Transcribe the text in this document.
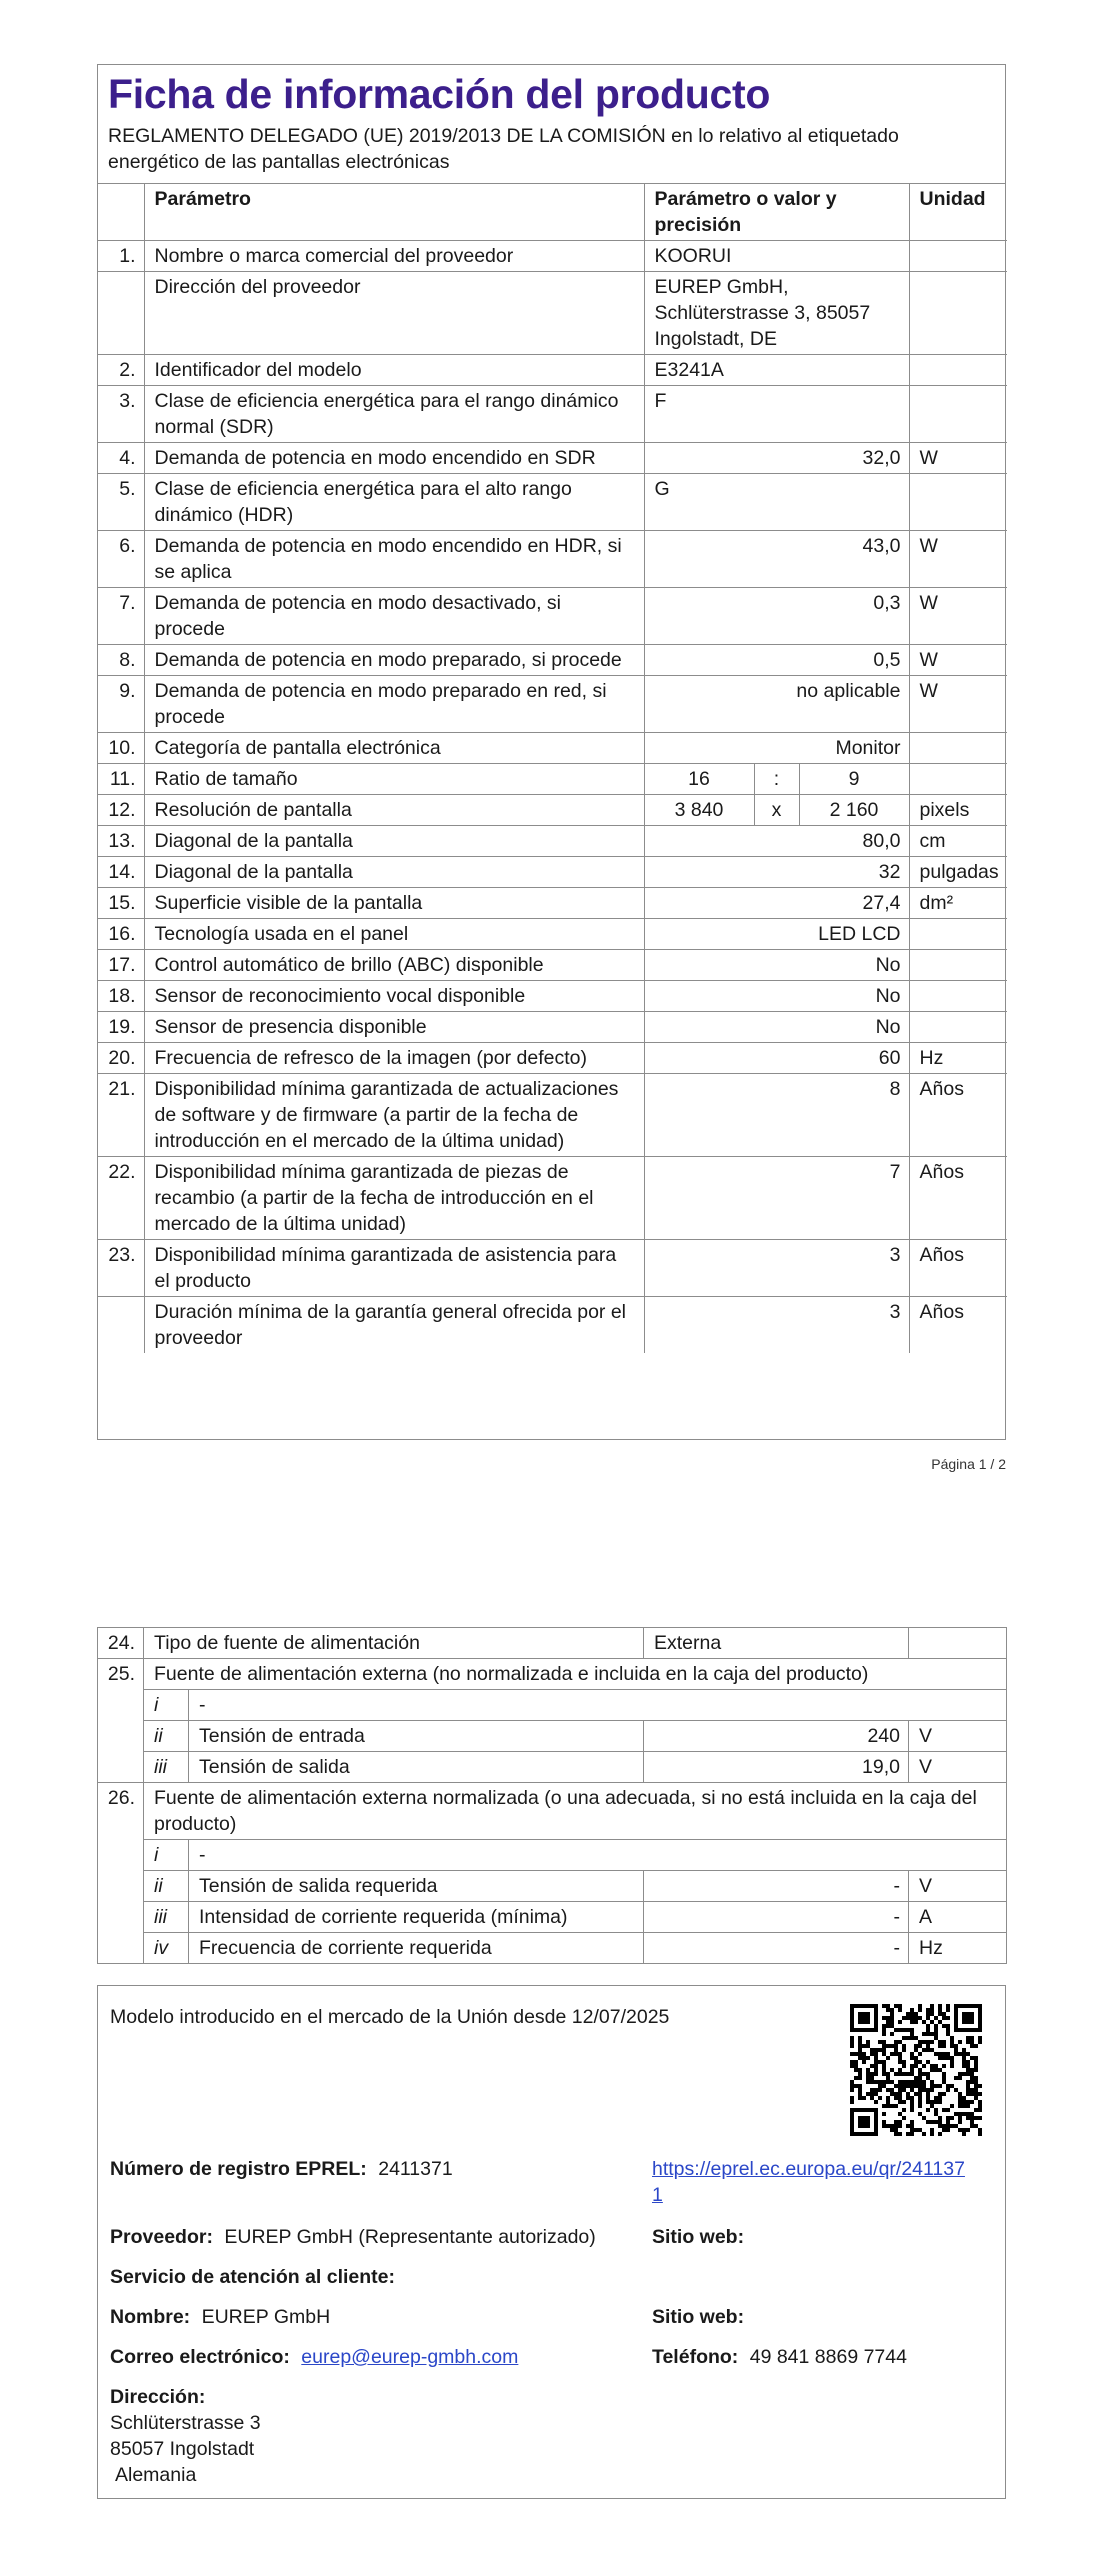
Ficha de información del producto
REGLAMENTO DELEGADO (UE) 2019/2013 DE LA COMISIÓN en lo relativo al etiquetado energético de las pantallas electrónicas
	Parámetro	Parámetro o valor y precisión			Unidad
1.	Nombre o marca comercial del proveedor	KOORUI			
	Dirección del proveedor	EUREP GmbH, Schlüterstrasse 3, 85057 Ingolstadt, DE			
2.	Identificador del modelo	E3241A			
3.	Clase de eficiencia energética para el rango dinámico normal (SDR)	F			
4.	Demanda de potencia en modo encendido en SDR	32,0			W
5.	Clase de eficiencia energética para el alto rango dinámico (HDR)	G			
6.	Demanda de potencia en modo encendido en HDR, si se aplica	43,0			W
7.	Demanda de potencia en modo desactivado, si procede	0,3			W
8.	Demanda de potencia en modo preparado, si procede	0,5			W
9.	Demanda de potencia en modo preparado en red, si procede	no aplicable			W
10.	Categoría de pantalla electrónica	Monitor			
11.	Ratio de tamaño	16	:	9	
12.	Resolución de pantalla	3 840	x	2 160	pixels
13.	Diagonal de la pantalla	80,0			cm
14.	Diagonal de la pantalla	32			pulgadas
15.	Superficie visible de la pantalla	27,4			dm²
16.	Tecnología usada en el panel	LED LCD			
17.	Control automático de brillo (ABC) disponible	No			
18.	Sensor de reconocimiento vocal disponible	No			
19.	Sensor de presencia disponible	No			
20.	Frecuencia de refresco de la imagen (por defecto)	60			Hz
21.	Disponibilidad mínima garantizada de actualizaciones de software y de firmware (a partir de la fecha de introducción en el mercado de la última unidad)	8			Años
22.	Disponibilidad mínima garantizada de piezas de recambio (a partir de la fecha de introducción en el mercado de la última unidad)	7			Años
23.	Disponibilidad mínima garantizada de asistencia para el producto	3			Años
	Duración mínima de la garantía general ofrecida por el proveedor	3			Años
Página 1 / 2
24.	Tipo de fuente de alimentación		Externa	
25.	Fuente de alimentación externa (no normalizada e incluida en la caja del producto)			
	i	-		
	ii	Tensión de entrada	240	V
	iii	Tensión de salida	19,0	V
26.	Fuente de alimentación externa normalizada (o una adecuada, si no está incluida en la caja del producto)			
	i	-		
	ii	Tensión de salida requerida	-	V
	iii	Intensidad de corriente requerida (mínima)	-	A
	iv	Frecuencia de corriente requerida	-	Hz
Modelo introducido en el mercado de la Unión desde 12/07/2025
Número de registro EPREL: 2411371	https://eprel.ec.europa.eu/qr/2411371
Proveedor: EUREP GmbH (Representante autorizado)	Sitio web:
Servicio de atención al cliente:
Nombre: EUREP GmbH	Sitio web:
Correo electrónico: eurep@eurep-gmbh.com	Teléfono: 49 841 8869 7744
Dirección:
Schlüterstrasse 3
85057 Ingolstadt
Alemania
